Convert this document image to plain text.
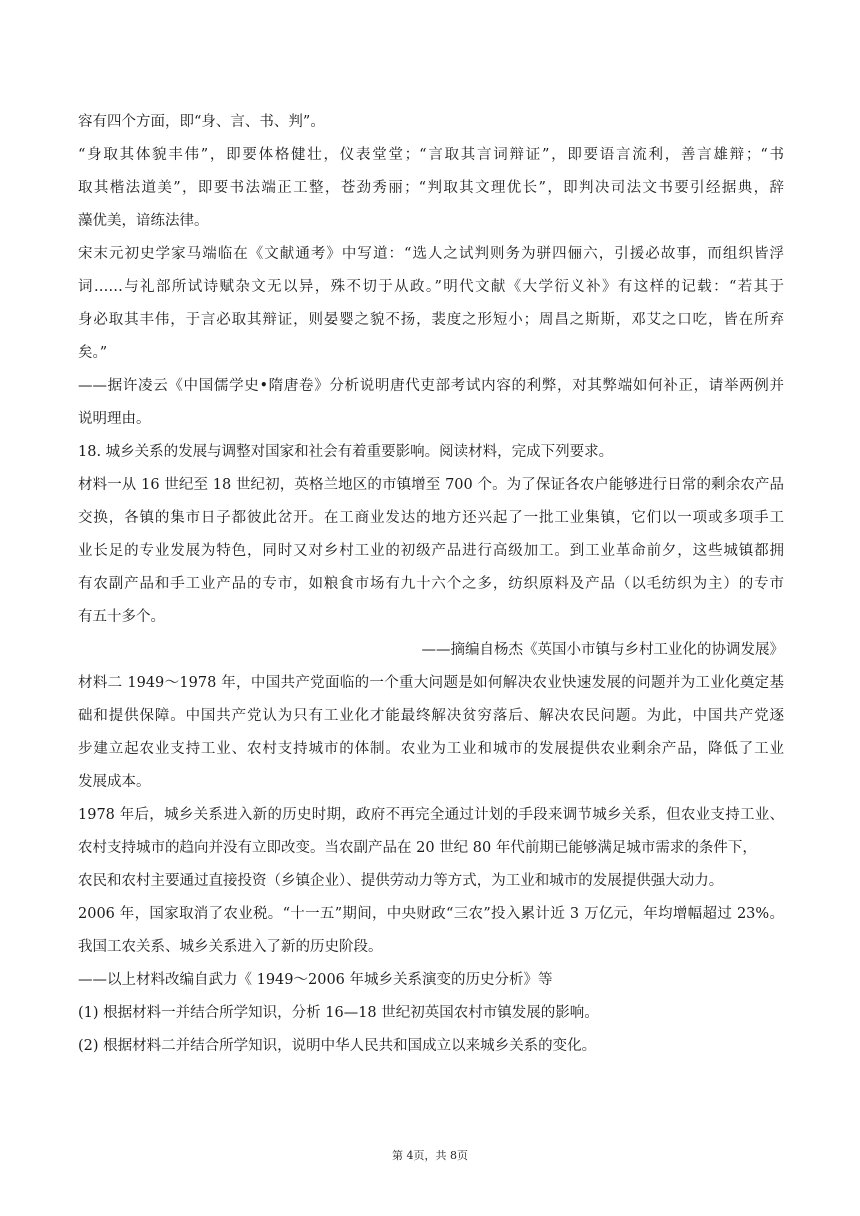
容有四个方面，即“身、言、书、判”。
“身取其体貌丰伟”，即要体格健壮，仪表堂堂；“言取其言词辩证”，即要语言流利，善言雄辩；“书
取其楷法道美”，即要书法端正工整，苍劲秀丽；“判取其文理优长”，即判决司法文书要引经据典，辞
藻优美，谙练法律。
宋末元初史学家马端临在《文献通考》中写道：“选人之试判则务为骈四俪六，引援必故事，而组织皆浮
词……与礼部所试诗赋杂文无以异，殊不切于从政。”明代文献《大学衍义补》有这样的记载：“若其于
身必取其丰伟，于言必取其辩证，则晏婴之貌不扬，裴度之形短小；周昌之斯斯，邓艾之口吃，皆在所弃
矣。”
——据许凌云《中国儒学史•隋唐卷》分析说明唐代吏部考试内容的利弊，对其弊端如何补正，请举两例并
说明理由。
18. 城乡关系的发展与调整对国家和社会有着重要影响。阅读材料，完成下列要求。
材料一从 16 世纪至 18 世纪初，英格兰地区的市镇增至 700 个。为了保证各农户能够进行日常的剩余农产品
交换，各镇的集市日子都彼此岔开。在工商业发达的地方还兴起了一批工业集镇，它们以一项或多项手工
业长足的专业发展为特色，同时又对乡村工业的初级产品进行高级加工。到工业革命前夕，这些城镇都拥
有农副产品和手工业产品的专市，如粮食市场有九十六个之多，纺织原料及产品（以毛纺织为主）的专市
有五十多个。
——摘编自杨杰《英国小市镇与乡村工业化的协调发展》
材料二 1949～1978 年，中国共产党面临的一个重大问题是如何解决农业快速发展的问题并为工业化奠定基
础和提供保障。中国共产党认为只有工业化才能最终解决贫穷落后、解决农民问题。为此，中国共产党逐
步建立起农业支持工业、农村支持城市的体制。农业为工业和城市的发展提供农业剩余产品，降低了工业
发展成本。
1978 年后，城乡关系进入新的历史时期，政府不再完全通过计划的手段来调节城乡关系，但农业支持工业、
农村支持城市的趋向并没有立即改变。当农副产品在 20 世纪 80 年代前期已能够满足城市需求的条件下，
农民和农村主要通过直接投资（乡镇企业）、提供劳动力等方式，为工业和城市的发展提供强大动力。
2006 年，国家取消了农业税。“十一五”期间，中央财政“三农”投入累计近 3 万亿元，年均增幅超过 23%。
我国工农关系、城乡关系进入了新的历史阶段。
——以上材料改编自武力《 1949～2006 年城乡关系演变的历史分析》等
(1) 根据材料一并结合所学知识，分析 16—18 世纪初英国农村市镇发展的影响。
(2) 根据材料二并结合所学知识，说明中华人民共和国成立以来城乡关系的变化。
第 4页，共 8页
